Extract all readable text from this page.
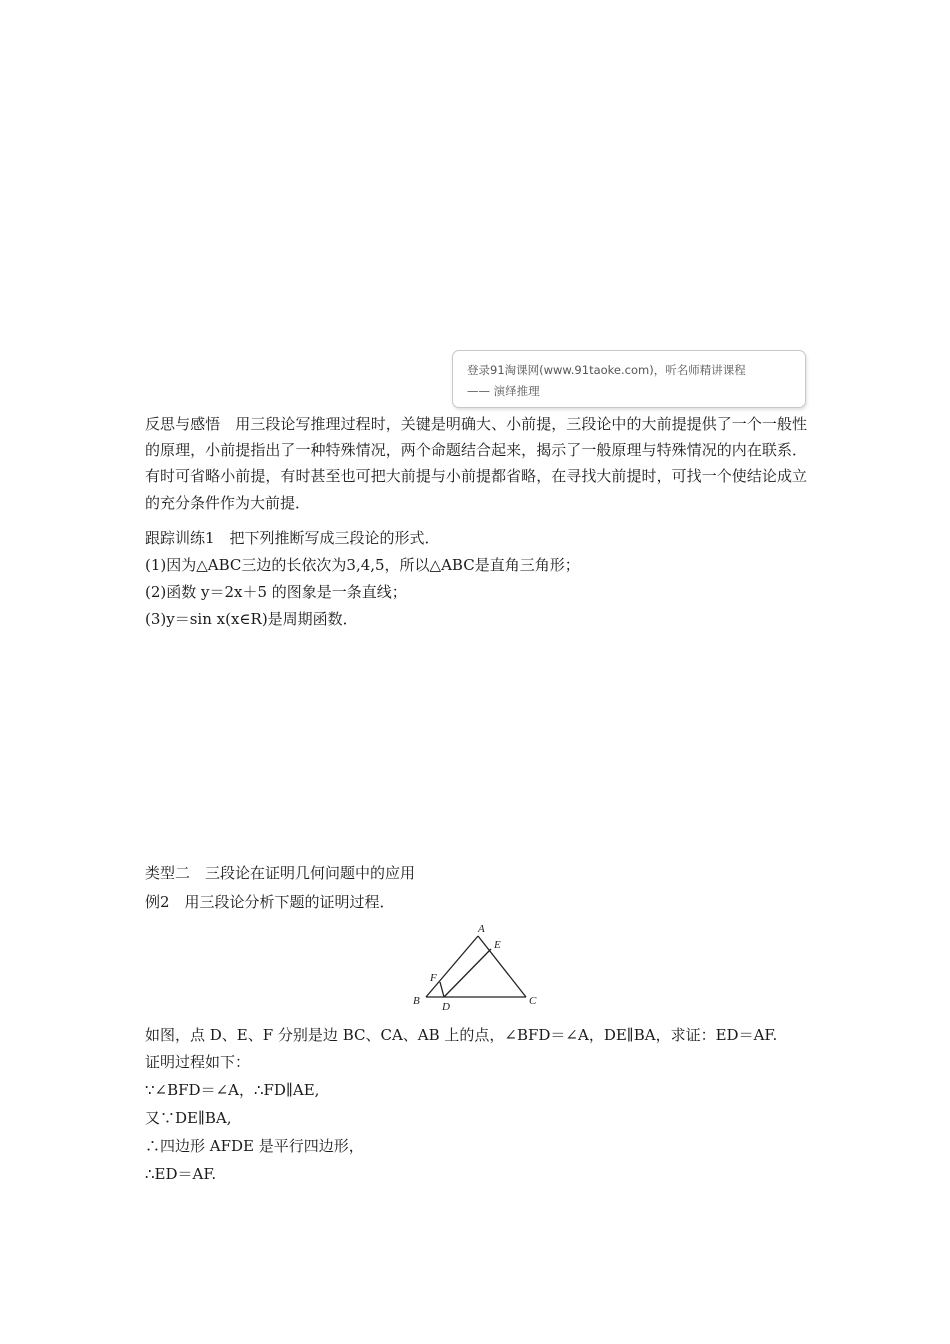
登录91淘课网(www.91taoke.com)，听名师精讲课程
—— 演绎推理
反思与感悟　用三段论写推理过程时，关键是明确大、小前提，三段论中的大前提提供了一个一般性的原理，小前提指出了一种特殊情况，两个命题结合起来，揭示了一般原理与特殊情况的内在联系．有时可省略小前提，有时甚至也可把大前提与小前提都省略，在寻找大前提时，可找一个使结论成立的充分条件作为大前提．
跟踪训练1　把下列推断写成三段论的形式．
(1)因为△ABC三边的长依次为3,4,5，所以△ABC是直角三角形；
(2)函数 y＝2x＋5 的图象是一条直线；
(3)y＝sin x(x∈R)是周期函数．
类型二　三段论在证明几何问题中的应用
例2　用三段论分析下题的证明过程．
A
E
F
B D	C
如图，点 D、E、F 分别是边 BC、CA、AB 上的点，∠BFD＝∠A，DE∥BA，求证：ED＝AF.
证明过程如下：
∵∠BFD＝∠A，∴FD∥AE,
又∵DE∥BA,
∴四边形 AFDE 是平行四边形，
∴ED＝AF.
